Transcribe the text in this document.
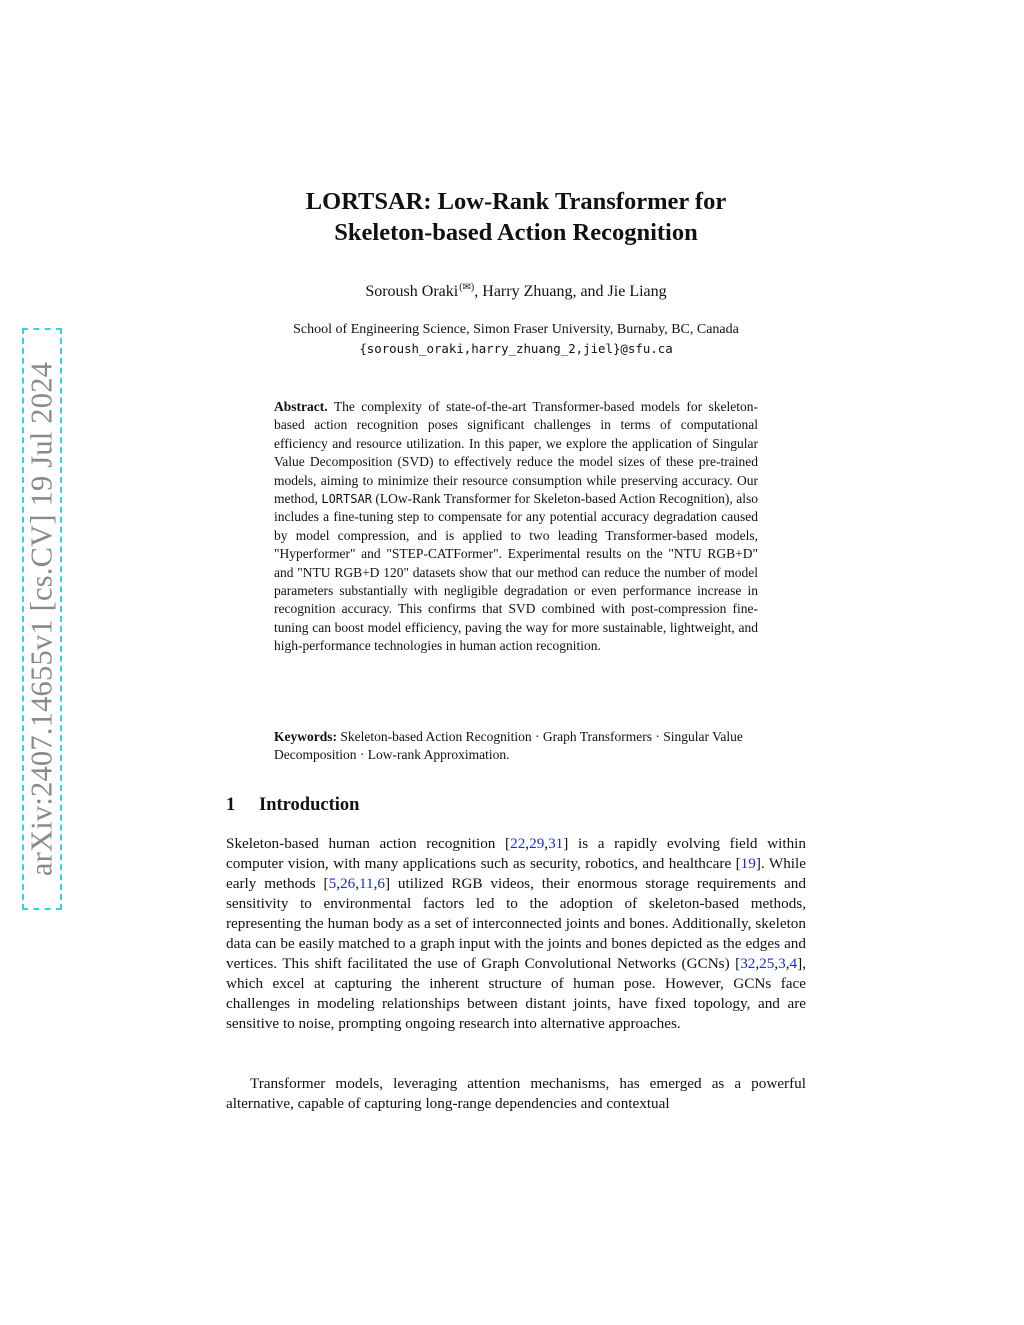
arXiv:2407.14655v1 [cs.CV] 19 Jul 2024
LORTSAR: Low-Rank Transformer for
Skeleton-based Action Recognition
Soroush Oraki(✉), Harry Zhuang, and Jie Liang
School of Engineering Science, Simon Fraser University, Burnaby, BC, Canada
{soroush_oraki,harry_zhuang_2,jiel}@sfu.ca
Abstract. The complexity of state-of-the-art Transformer-based models for skeleton-based action recognition poses significant challenges in terms of computational efficiency and resource utilization. In this paper, we explore the application of Singular Value Decomposition (SVD) to effectively reduce the model sizes of these pre-trained models, aiming to minimize their resource consumption while preserving accuracy. Our method, LORTSAR (LOw-Rank Transformer for Skeleton-based Action Recognition), also includes a fine-tuning step to compensate for any potential accuracy degradation caused by model compression, and is applied to two leading Transformer-based models, "Hyperformer" and "STEP-CATFormer". Experimental results on the "NTU RGB+D" and "NTU RGB+D 120" datasets show that our method can reduce the number of model parameters substantially with negligible degradation or even performance increase in recognition accuracy. This confirms that SVD combined with post-compression fine-tuning can boost model efficiency, paving the way for more sustainable, lightweight, and high-performance technologies in human action recognition.
Keywords: Skeleton-based Action Recognition · Graph Transformers · Singular Value Decomposition · Low-rank Approximation.
1 Introduction
Skeleton-based human action recognition [22,29,31] is a rapidly evolving field within computer vision, with many applications such as security, robotics, and healthcare [19]. While early methods [5,26,11,6] utilized RGB videos, their enormous storage requirements and sensitivity to environmental factors led to the adoption of skeleton-based methods, representing the human body as a set of interconnected joints and bones. Additionally, skeleton data can be easily matched to a graph input with the joints and bones depicted as the edges and vertices. This shift facilitated the use of Graph Convolutional Networks (GCNs) [32,25,3,4], which excel at capturing the inherent structure of human pose. However, GCNs face challenges in modeling relationships between distant joints, have fixed topology, and are sensitive to noise, prompting ongoing research into alternative approaches.
Transformer models, leveraging attention mechanisms, has emerged as a powerful alternative, capable of capturing long-range dependencies and contextual
